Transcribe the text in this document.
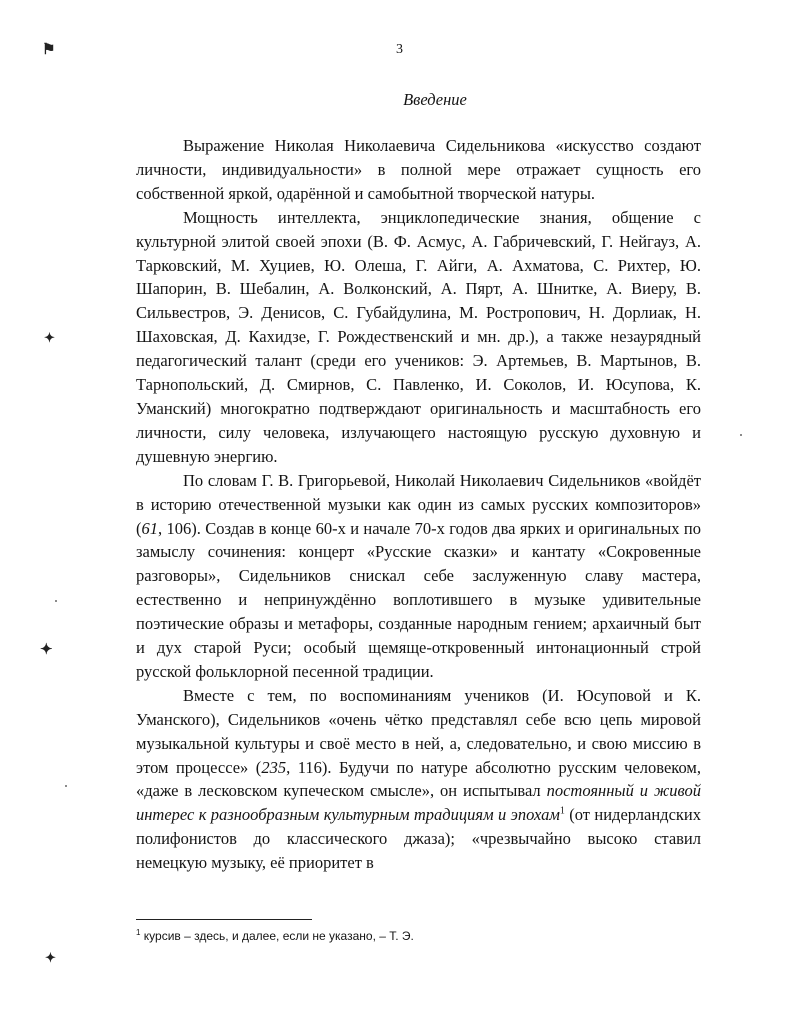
3
Введение

Выражение Николая Николаевича Сидельникова «искусство создают личности, индивидуальности» в полной мере отражает сущность его собственной яркой, одарённой и самобытной творческой натуры.

Мощность интеллекта, энциклопедические знания, общение с культурной элитой своей эпохи (В. Ф. Асмус, А. Габричевский, Г. Нейгауз, А. Тарковский, М. Хуциев, Ю. Олеша, Г. Айги, А. Ахматова, С. Рихтер, Ю. Шапорин, В. Шебалин, А. Волконский, А. Пярт, А. Шнитке, А. Виеру, В. Сильвестров, Э. Денисов, С. Губайдулина, М. Ростропович, Н. Дорлиак, Н. Шаховская, Д. Кахидзе, Г. Рождественский и мн. др.), а также незаурядный педагогический талант (среди его учеников: Э. Артемьев, В. Мартынов, В. Тарнопольский, Д. Смирнов, С. Павленко, И. Соколов, И. Юсупова, К. Уманский) многократно подтверждают оригинальность и масштабность его личности, силу человека, излучающего настоящую русскую духовную и душевную энергию.

По словам Г. В. Григорьевой, Николай Николаевич Сидельников «войдёт в историю отечественной музыки как один из самых русских композиторов» (61, 106). Создав в конце 60-х и начале 70-х годов два ярких и оригинальных по замыслу сочинения: концерт «Русские сказки» и кантату «Сокровенные разговоры», Сидельников снискал себе заслуженную славу мастера, естественно и непринуждённо воплотившего в музыке удивительные поэтические образы и метафоры, созданные народным гением; архаичный быт и дух старой Руси; особый щемяще-откровенный интонационный строй русской фольклорной песенной традиции.

Вместе с тем, по воспоминаниям учеников (И. Юсуповой и К. Уманского), Сидельников «очень чётко представлял себе всю цепь мировой музыкальной культуры и своё место в ней, а, следовательно, и свою миссию в этом процессе» (235, 116). Будучи по натуре абсолютно русским человеком, «даже в лесковском купеческом смысле», он испытывал постоянный и живой интерес к разнообразным культурным традициям и эпохам$^1$ (от нидерландских полифонистов до классического джаза); «чрезвычайно высоко ставил немецкую музыку, её приоритет в

$^1$ курсив – здесь, и далее, если не указано, – Т. Э.
⚑
✦
✦
✦
